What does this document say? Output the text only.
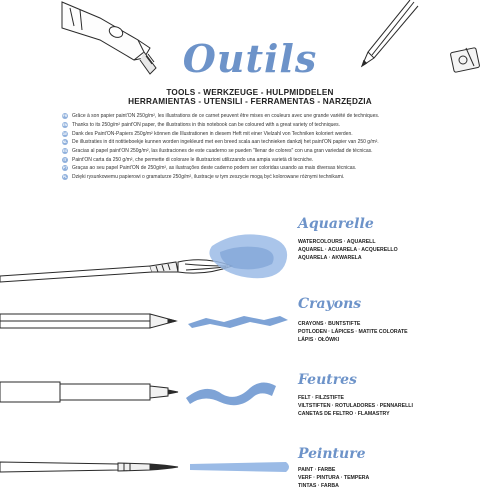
Outils
TOOLS - WERKZEUGE - HULPMIDDELEN
HERRAMIENTAS - UTENSILI - FERRAMENTAS - NARZĘDZIA
FR Grâce à son papier paint'ON 250g/m², les illustrations de ce carnet peuvent être mises en couleurs avec une grande variété de techniques.
EN Thanks to its 250g/m² paint'ON paper, the illustrations in this notebook can be coloured with a great variety of techniques.
DE Dank des Paint'ON-Papiers 250g/m² können die Illustrationen in diesem Heft mit einer Vielzahl von Techniken koloriert werden.
NL De illustraties in dit notitieboekje kunnen worden ingekleurd met een breed scala aan technieken dankzij het paint'ON papier van 250 g/m².
ES Gracias al papel paint'ON 250g/m², las ilustraciones de este cuaderno se pueden "llenar de colores" con una gran variedad de técnicas.
IT Paint'ON carta da 250 g/m², che permette di colorare le illustrazioni utilizzando una ampia varietà di tecniche.
PT Graças ao seu papel Paint'ON de 250g/m², as ilustrações deste caderno podem ser coloridas usando as mais diversas técnicas.
PL Dzięki rysunkowemu papierowi o gramaturze 250g/m², ilustracje w tym zeszycie mogą być kolorowane różnymi technikami.
Aquarelle
WATERCOLOURS · AQUARELL
AQUAREL · ACUARELA · ACQUERELLO
AQUARELA · AKWARELA
Crayons
CRAYONS · BUNTSTIFTE
POTLODEN · LÁPICES · MATITE COLORATE
LÁPIS · OŁÓWKI
Feutres
FELT · FILZSTIFTE
VILTSTIFTEN · ROTULADORES · PENNARELLI
CANETAS DE FELTRO · FLAMASTRY
Peinture
PAINT · FARBE
VERF · PINTURA · TEMPERA
TINTAS · FARBA
